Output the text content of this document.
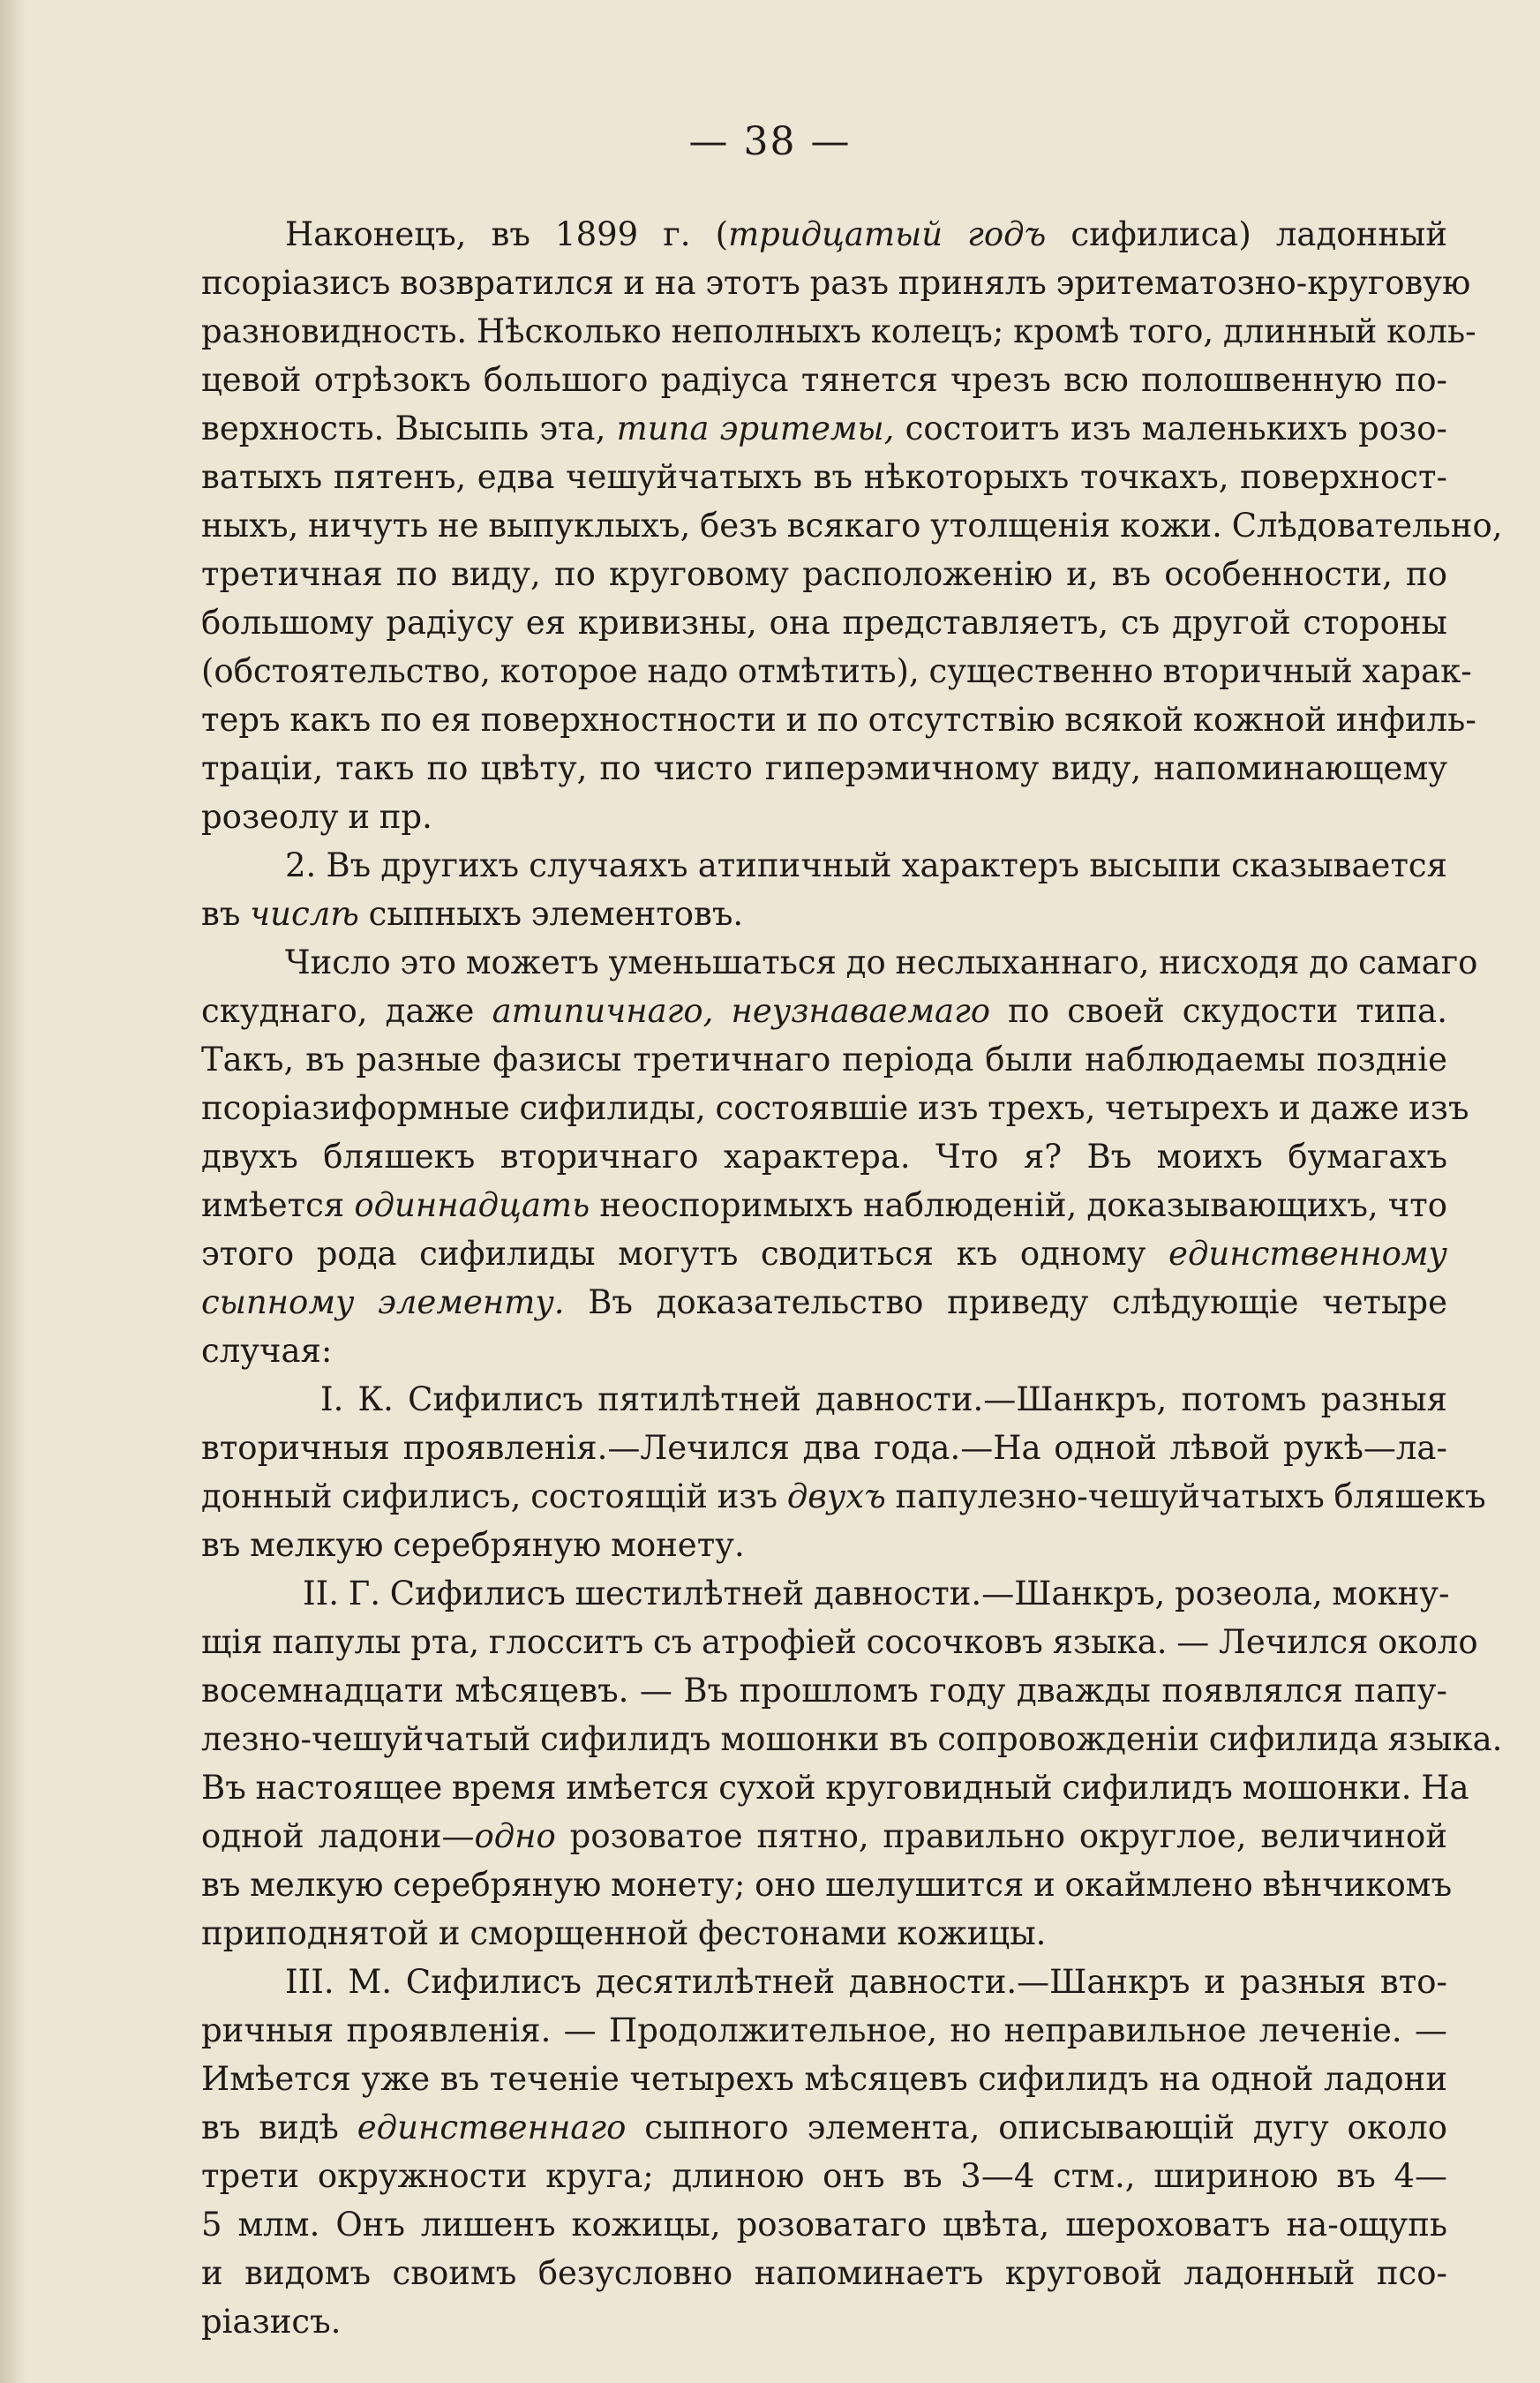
— 38 —

Наконецъ, въ 1899 г. (тридцатый годъ сифилиса) ладонный

псоріазисъ возвратился и на этотъ разъ принялъ эритематозно-круговую

разновидность. Нѣсколько неполныхъ колецъ; кромѣ того, длинный коль-

цевой отрѣзокъ большого радіуса тянется чрезъ всю полошвенную по-

верхность. Высыпь эта, типа эритемы, состоитъ изъ маленькихъ розо-

ватыхъ пятенъ, едва чешуйчатыхъ въ нѣкоторыхъ точкахъ, поверхност-

ныхъ, ничуть не выпуклыхъ, безъ всякаго утолщенія кожи. Слѣдовательно,

третичная по виду, по круговому расположенію и, въ особенности, по

большому радіусу ея кривизны, она представляетъ, съ другой стороны

(обстоятельство, которое надо отмѣтить), существенно вторичный харак-

теръ какъ по ея поверхностности и по отсутствію всякой кожной инфиль-

траціи, такъ по цвѣту, по чисто гиперэмичному виду, напоминающему

розеолу и пр.

2. Въ другихъ случаяхъ атипичный характеръ высыпи сказывается

въ числѣ сыпныхъ элементовъ.

Число это можетъ уменьшаться до неслыханнаго, нисходя до самаго

скуднаго, даже атипичнаго, неузнаваемаго по своей скудости типа.

Такъ, въ разные фазисы третичнаго періода были наблюдаемы поздніе

псоріазиформные сифилиды, состоявшіе изъ трехъ, четырехъ и даже изъ

двухъ бляшекъ вторичнаго характера. Что я? Въ моихъ бумагахъ

имѣется одиннадцать неоспоримыхъ наблюденій, доказывающихъ, что

этого рода сифилиды могутъ сводиться къ одному единственному

сыпному элементу. Въ доказательство приведу слѣдующіе четыре

случая:

I. К. Сифилисъ пятилѣтней давности.—Шанкръ, потомъ разныя

вторичныя проявленія.—Лечился два года.—На одной лѣвой рукѣ—ла-

донный сифилисъ, состоящій изъ двухъ папулезно-чешуйчатыхъ бляшекъ

въ мелкую серебряную монету.

II. Г. Сифилисъ шестилѣтней давности.—Шанкръ, розеола, мокну-

щія папулы рта, глосситъ съ атрофіей сосочковъ языка. — Лечился около

восемнадцати мѣсяцевъ. — Въ прошломъ году дважды появлялся папу-

лезно-чешуйчатый сифилидъ мошонки въ сопровожденіи сифилида языка.

Въ настоящее время имѣется сухой круговидный сифилидъ мошонки. На

одной ладони—одно розоватое пятно, правильно округлое, величиной

въ мелкую серебряную монету; оно шелушится и окаймлено вѣнчикомъ

приподнятой и сморщенной фестонами кожицы.

III. М. Сифилисъ десятилѣтней давности.—Шанкръ и разныя вто-

ричныя проявленія. — Продолжительное, но неправильное леченіе. —

Имѣется уже въ теченіе четырехъ мѣсяцевъ сифилидъ на одной ладони

въ видѣ единственнаго сыпного элемента, описывающій дугу около

трети окружности круга; длиною онъ въ 3—4 стм., шириною въ 4—

5 млм. Онъ лишенъ кожицы, розоватаго цвѣта, шероховатъ на-ощупь

и видомъ своимъ безусловно напоминаетъ круговой ладонный псо-

ріазисъ.
